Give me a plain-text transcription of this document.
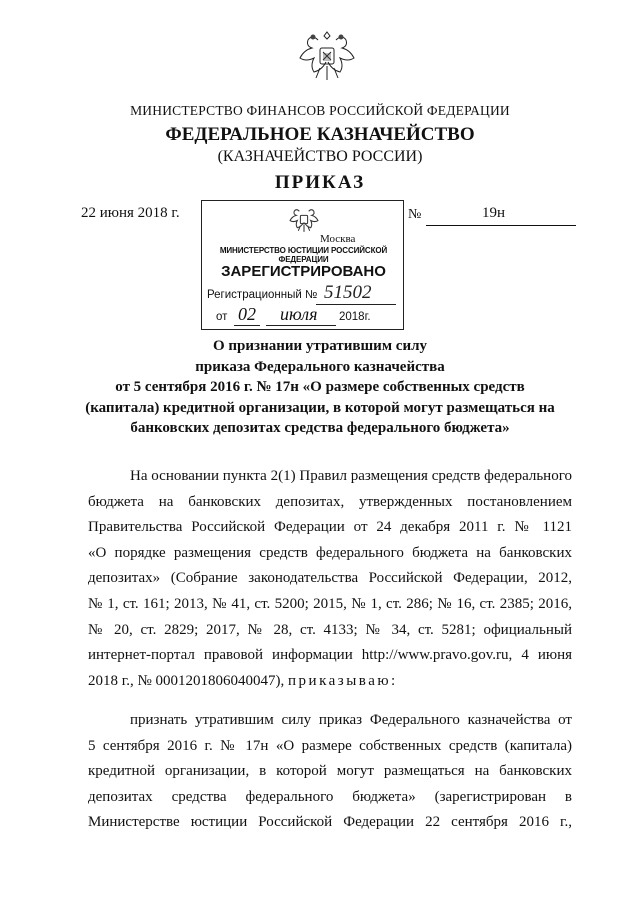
МИНИСТЕРСТВО ФИНАНСОВ РОССИЙСКОЙ ФЕДЕРАЦИИ
ФЕДЕРАЛЬНОЕ КАЗНАЧЕЙСТВО
(КАЗНАЧЕЙСТВО РОССИИ)
ПРИКАЗ
22 июня 2018 г.	№	19н
Москва
МИНИСТЕРСТВО ЮСТИЦИИ РОССИЙСКОЙ ФЕДЕРАЦИИ
ЗАРЕГИСТРИРОВАНО
Регистрационный № 51502
от 02 июля 2018г.
О признании утратившим силу
приказа Федерального казначейства
от 5 сентября 2016 г. № 17н «О размере собственных средств
(капитала) кредитной организации, в которой могут размещаться на
банковских депозитах средства федерального бюджета»
На основании пункта 2(1) Правил размещения средств федерального
бюджета на банковских депозитах, утвержденных постановлением
Правительства Российской Федерации от 24 декабря 2011 г. № 1121
«О порядке размещения средств федерального бюджета на банковских
депозитах» (Собрание законодательства Российской Федерации, 2012,
№ 1, ст. 161; 2013, № 41, ст. 5200; 2015, № 1, ст. 286; № 16, ст. 2385; 2016,
№ 20, ст. 2829; 2017, № 28, ст. 4133; № 34, ст. 5281; официальный
интернет-портал правовой информации http://www.pravo.gov.ru, 4 июня
2018 г., № 0001201806040047), приказываю:
признать утратившим силу приказ Федерального казначейства от
5 сентября 2016 г. № 17н «О размере собственных средств (капитала)
кредитной организации, в которой могут размещаться на банковских
депозитах средства федерального бюджета» (зарегистрирован в
Министерстве юстиции Российской Федерации 22 сентября 2016 г.,
